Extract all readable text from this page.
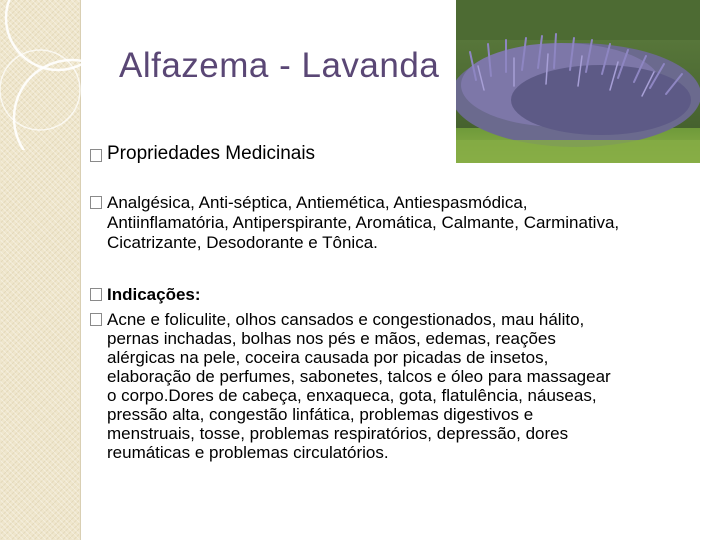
Alfazema - Lavanda
Propriedades Medicinais
Analgésica, Anti-séptica, Antiemética, Antiespasmódica,
Antiinflamatória, Antiperspirante, Aromática, Calmante, Carminativa,
Cicatrizante, Desodorante e Tônica.
Indicações:
Acne e foliculite, olhos cansados e congestionados, mau hálito,
pernas inchadas, bolhas nos pés e mãos, edemas, reações
alérgicas na pele, coceira causada por picadas de insetos,
elaboração de perfumes, sabonetes, talcos e óleo para massagear
o corpo.Dores de cabeça, enxaqueca, gota, flatulência, náuseas,
pressão alta, congestão linfática, problemas digestivos e
menstruais, tosse, problemas respiratórios, depressão, dores
reumáticas e problemas circulatórios.
